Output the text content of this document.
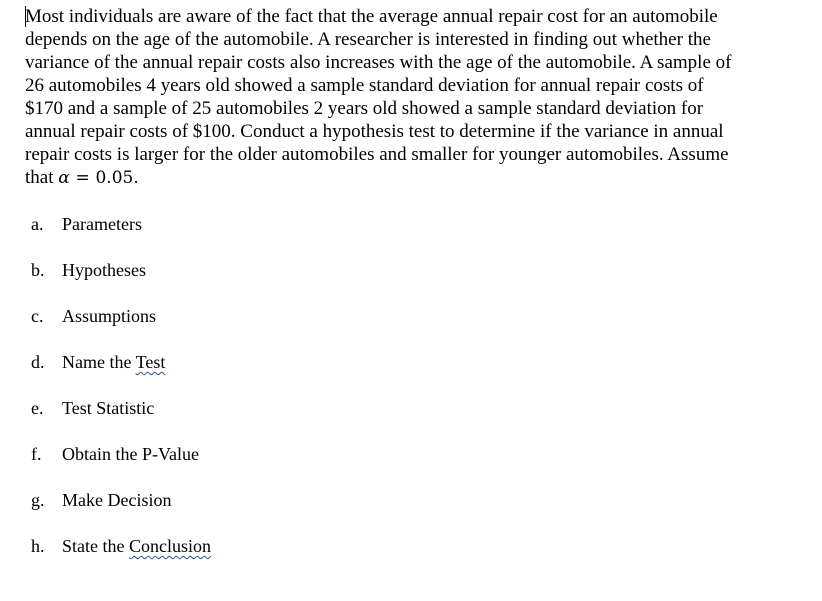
Most individuals are aware of the fact that the average annual repair cost for an automobile
depends on the age of the automobile. A researcher is interested in finding out whether the
variance of the annual repair costs also increases with the age of the automobile. A sample of
26 automobiles 4 years old showed a sample standard deviation for annual repair costs of
$170 and a sample of 25 automobiles 2 years old showed a sample standard deviation for
annual repair costs of $100. Conduct a hypothesis test to determine if the variance in annual
repair costs is larger for the older automobiles and smaller for younger automobiles. Assume
that α = 0.05.

a. Parameters
b. Hypotheses
c. Assumptions
d. Name the Test
e. Test Statistic
f. Obtain the P-Value
g. Make Decision
h. State the Conclusion
